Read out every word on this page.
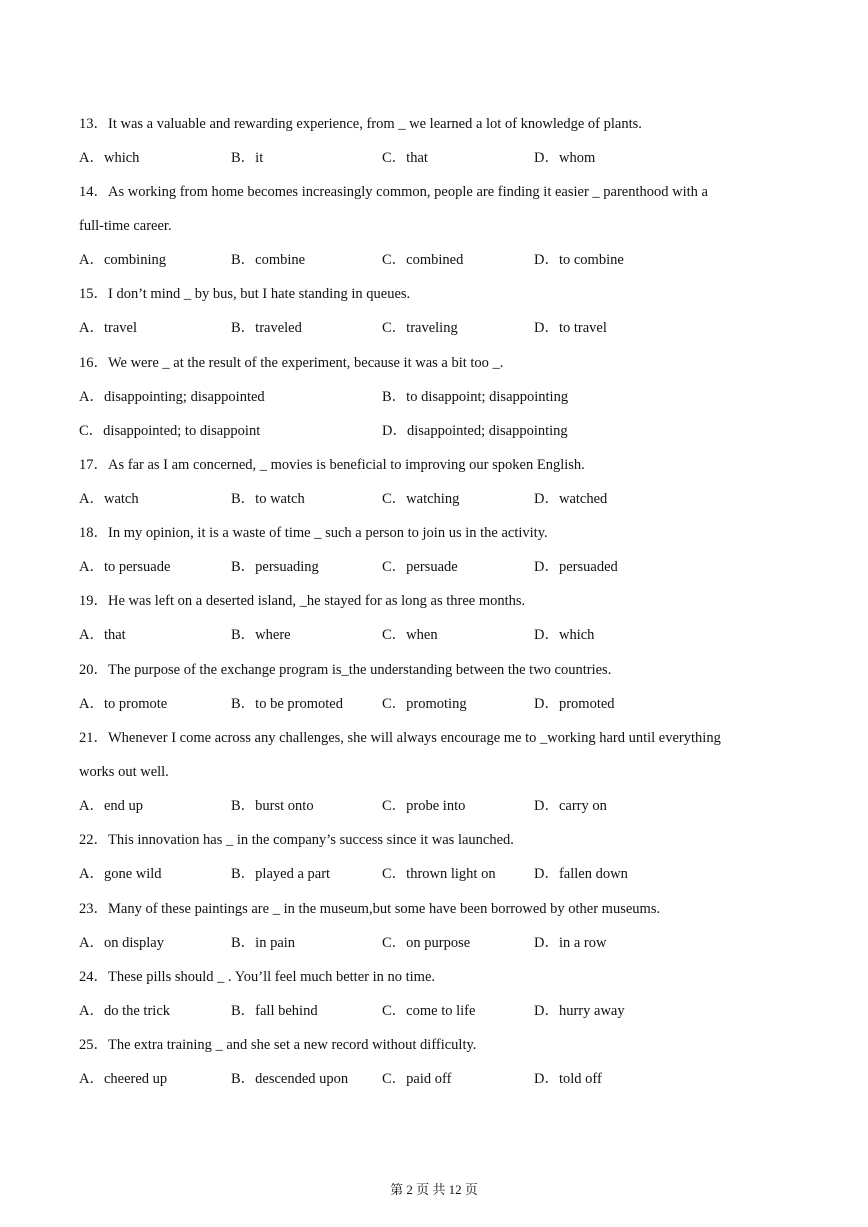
13．It was a valuable and rewarding experience, from _ we learned a lot of knowledge of plants.
A．which	B．it	C．that	D．whom
14．As working from home becomes increasingly common, people are finding it easier _ parenthood with a
full-time career.
A．combining	B．combine	C．combined	D．to combine
15．I don’t mind _ by bus, but I hate standing in queues.
A．travel	B．traveled	C．traveling	D．to travel
16．We were _ at the result of the experiment, because it was a bit too _.
A．disappointing; disappointed	B．to disappoint; disappointing
C．disappointed; to disappoint	D．disappointed; disappointing
17．As far as I am concerned, _ movies is beneficial to improving our spoken English.
A．watch	B．to watch	C．watching	D．watched
18．In my opinion, it is a waste of time _ such a person to join us in the activity.
A．to persuade	B．persuading	C．persuade	D．persuaded
19．He was left on a deserted island, _he stayed for as long as three months.
A．that	B．where	C．when	D．which
20．The purpose of the exchange program is_the understanding between the two countries.
A．to promote	B．to be promoted	C．promoting	D．promoted
21．Whenever I come across any challenges, she will always encourage me to _working hard until everything
works out well.
A．end up	B．burst onto	C．probe into	D．carry on
22．This innovation has _ in the company’s success since it was launched.
A．gone wild	B．played a part	C．thrown light on	D．fallen down
23．Many of these paintings are _ in the museum,but some have been borrowed by other museums.
A．on display	B．in pain	C．on purpose	D．in a row
24．These pills should _ . You’ll feel much better in no time.
A．do the trick	B．fall behind	C．come to life	D．hurry away
25．The extra training _ and she set a new record without difficulty.
A．cheered up	B．descended upon C．paid off	D．told off
第 2 页 共 12 页
